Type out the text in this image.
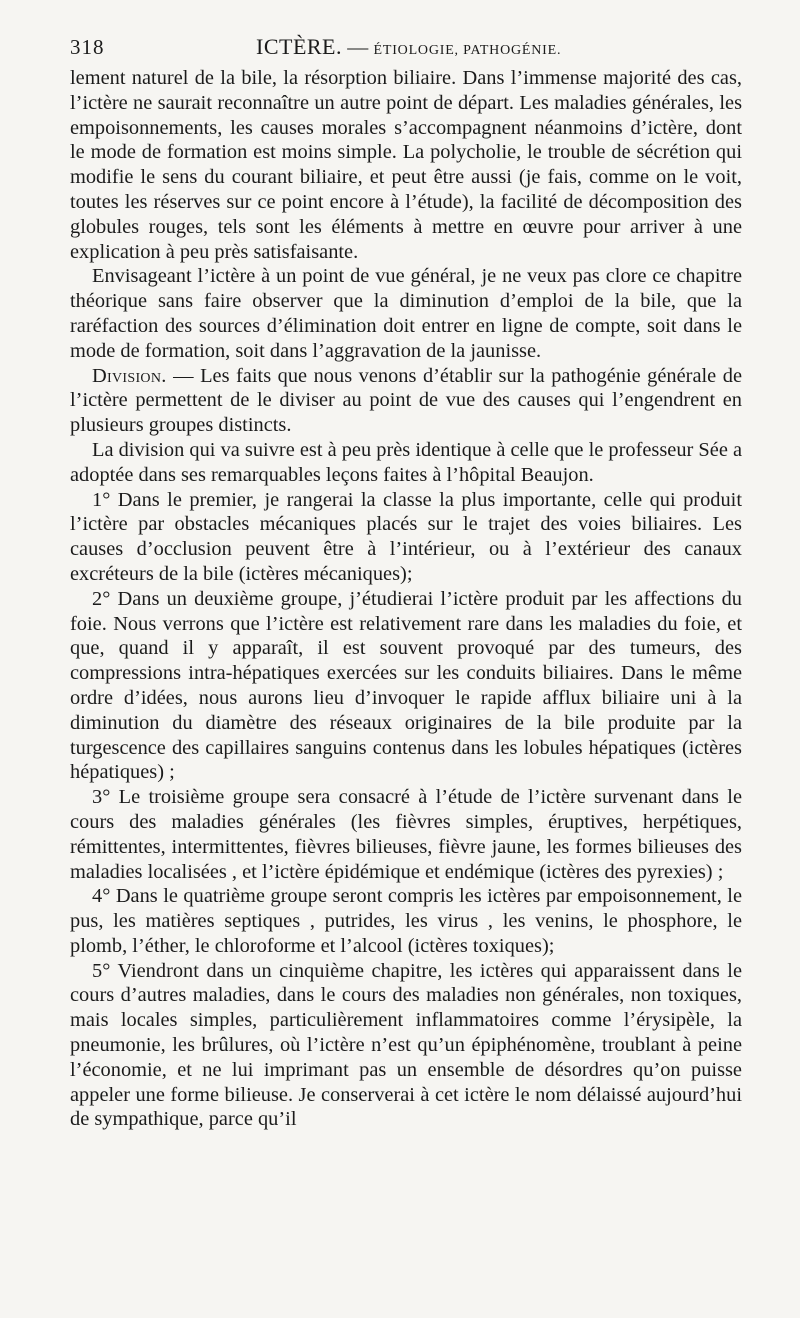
318	ICTÈRE. — ÉTIOLOGIE, PATHOGÉNIE.

lement naturel de la bile, la résorption biliaire. Dans l’immense majorité des cas, l’ictère ne saurait reconnaître un autre point de départ. Les maladies générales, les empoisonnements, les causes morales s’accompagnent néanmoins d’ictère, dont le mode de formation est moins simple. La polycholie, le trouble de sécrétion qui modifie le sens du courant biliaire, et peut être aussi (je fais, comme on le voit, toutes les réserves sur ce point encore à l’étude), la facilité de décomposition des globules rouges, tels sont les éléments à mettre en œuvre pour arriver à une explication à peu près satisfaisante.

Envisageant l’ictère à un point de vue général, je ne veux pas clore ce chapitre théorique sans faire observer que la diminution d’emploi de la bile, que la raréfaction des sources d’élimination doit entrer en ligne de compte, soit dans le mode de formation, soit dans l’aggravation de la jaunisse.

Division. — Les faits que nous venons d’établir sur la pathogénie générale de l’ictère permettent de le diviser au point de vue des causes qui l’engendrent en plusieurs groupes distincts.

La division qui va suivre est à peu près identique à celle que le professeur Sée a adoptée dans ses remarquables leçons faites à l’hôpital Beaujon.

1° Dans le premier, je rangerai la classe la plus importante, celle qui produit l’ictère par obstacles mécaniques placés sur le trajet des voies biliaires. Les causes d’occlusion peuvent être à l’intérieur, ou à l’extérieur des canaux excréteurs de la bile (ictères mécaniques);

2° Dans un deuxième groupe, j’étudierai l’ictère produit par les affections du foie. Nous verrons que l’ictère est relativement rare dans les maladies du foie, et que, quand il y apparaît, il est souvent provoqué par des tumeurs, des compressions intra-hépatiques exercées sur les conduits biliaires. Dans le même ordre d’idées, nous aurons lieu d’invoquer le rapide afflux biliaire uni à la diminution du diamètre des réseaux originaires de la bile produite par la turgescence des capillaires sanguins contenus dans les lobules hépatiques (ictères hépatiques) ;

3° Le troisième groupe sera consacré à l’étude de l’ictère survenant dans le cours des maladies générales (les fièvres simples, éruptives, herpétiques, rémittentes, intermittentes, fièvres bilieuses, fièvre jaune, les formes bilieuses des maladies localisées , et l’ictère épidémique et endémique (ictères des pyrexies) ;

4° Dans le quatrième groupe seront compris les ictères par empoisonnement, le pus, les matières septiques , putrides, les virus , les venins, le phosphore, le plomb, l’éther, le chloroforme et l’alcool (ictères toxiques);

5° Viendront dans un cinquième chapitre, les ictères qui apparaissent dans le cours d’autres maladies, dans le cours des maladies non générales, non toxiques, mais locales simples, particulièrement inflammatoires comme l’érysipèle, la pneumonie, les brûlures, où l’ictère n’est qu’un épiphénomène, troublant à peine l’économie, et ne lui imprimant pas un ensemble de désordres qu’on puisse appeler une forme bilieuse. Je conserverai à cet ictère le nom délaissé aujourd’hui de sympathique, parce qu’il
